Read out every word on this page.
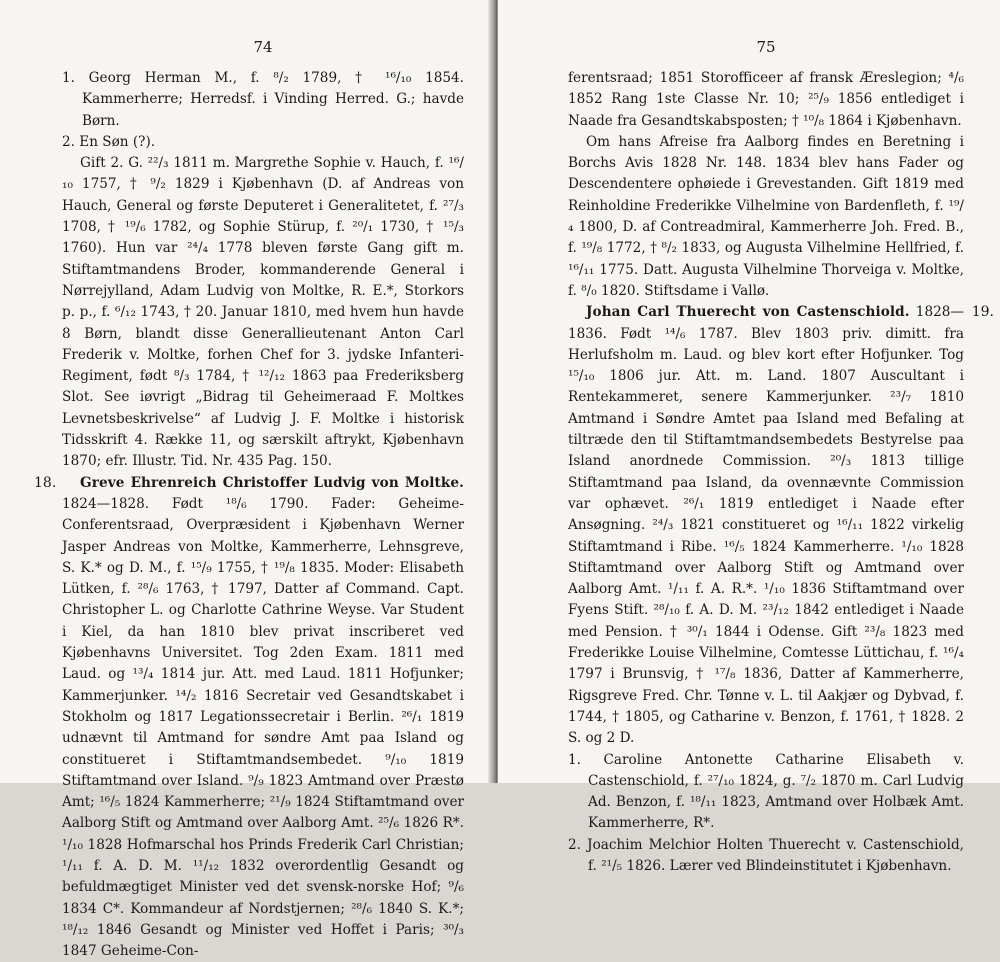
74

1. Georg Herman M., f. ⁸/₂ 1789, † ¹⁶/₁₀ 1854. Kammerherre; Herredsf. i Vinding Herred. G.; havde Børn.

2. En Søn (?).

Gift 2. G. ²²/₃ 1811 m. Margrethe Sophie v. Hauch, f. ¹⁶/₁₀ 1757, † ⁹/₂ 1829 i Kjøbenhavn (D. af Andreas von Hauch, General og første Deputeret i Generalitetet, f. ²⁷/₃ 1708, † ¹⁹/₆ 1782, og Sophie Stürup, f. ²⁰/₁ 1730, † ¹⁵/₃ 1760). Hun var ²⁴/₄ 1778 bleven første Gang gift m. Stiftamtmandens Broder, kommanderende General i Nørrejylland, Adam Ludvig von Moltke, R. E.*, Storkors p. p., f. ⁶/₁₂ 1743, † 20. Januar 1810, med hvem hun havde 8 Børn, blandt disse Generallieutenant Anton Carl Frederik v. Moltke, forhen Chef for 3. jydske Infanteri-Regiment, født ⁸/₃ 1784, † ¹²/₁₂ 1863 paa Frederiksberg Slot. See iøvrigt „Bidrag til Geheimeraad F. Moltkes Levnetsbeskrivelse“ af Ludvig J. F. Moltke i historisk Tidsskrift 4. Række 11, og særskilt aftrykt, Kjøbenhavn 1870; efr. Illustr. Tid. Nr. 435 Pag. 150.

18.	Greve Ehrenreich Christoffer Ludvig von Moltke. 1824—1828. Født ¹⁸/₆ 1790. Fader: Geheime-Conferentsraad, Overpræsident i Kjøbenhavn Werner Jasper Andreas von Moltke, Kammerherre, Lehnsgreve, S. K.* og D. M., f. ¹⁵/₉ 1755, † ¹⁹/₈ 1835. Moder: Elisabeth Lütken, f. ²⁸/₆ 1763, † 1797, Datter af Command. Capt. Christopher L. og Charlotte Cathrine Weyse. Var Student i Kiel, da han 1810 blev privat inscriberet ved Kjøbenhavns Universitet. Tog 2den Exam. 1811 med Laud. og ¹³/₄ 1814 jur. Att. med Laud. 1811 Hofjunker; Kammerjunker. ¹⁴/₂ 1816 Secretair ved Gesandtskabet i Stokholm og 1817 Legationssecretair i Berlin. ²⁶/₁ 1819 udnævnt til Amtmand for søndre Amt paa Island og constitueret i Stiftamtmandsembedet. ⁹/₁₀ 1819 Stiftamtmand over Island. ⁹/₉ 1823 Amtmand over Præstø Amt; ¹⁶/₅ 1824 Kammerherre; ²¹/₉ 1824 Stiftamtmand over Aalborg Stift og Amtmand over Aalborg Amt. ²⁵/₆ 1826 R*. ¹/₁₀ 1828 Hofmarschal hos Prinds Frederik Carl Christian; ¹/₁₁ f. A. D. M. ¹¹/₁₂ 1832 overordentlig Gesandt og befuldmægtiget Minister ved det svensk-norske Hof; ⁹/₆ 1834 C*. Kommandeur af Nordstjernen; ²⁸/₆ 1840 S. K.*; ¹⁸/₁₂ 1846 Gesandt og Minister ved Hoffet i Paris; ³⁰/₃ 1847 Geheime-Con-

75

ferentsraad; 1851 Storofficeer af fransk Æreslegion; ⁴/₆ 1852 Rang 1ste Classe Nr. 10; ²⁵/₉ 1856 entlediget i Naade fra Gesandtskabsposten; † ¹⁰/₈ 1864 i Kjøbenhavn.

Om hans Afreise fra Aalborg findes en Beretning i Borchs Avis 1828 Nr. 148. 1834 blev hans Fader og Descendentere ophøiede i Grevestanden. Gift 1819 med Reinholdine Frederikke Vilhelmine von Bardenfleth, f. ¹⁹/₄ 1800, D. af Contreadmiral, Kammerherre Joh. Fred. B., f. ¹⁹/₈ 1772, † ⁸/₂ 1833, og Augusta Vilhelmine Hellfried, f. ¹⁶/₁₁ 1775. Datt. Augusta Vilhelmine Thorveiga v. Moltke, f. ⁸/₀ 1820. Stiftsdame i Vallø.

19.

Johan Carl Thuerecht von Castenschiold. 1828—1836. Født ¹⁴/₆ 1787. Blev 1803 priv. dimitt. fra Herlufsholm m. Laud. og blev kort efter Hofjunker. Tog ¹⁵/₁₀ 1806 jur. Att. m. Land. 1807 Auscultant i Rentekammeret, senere Kammerjunker. ²³/₇ 1810 Amtmand i Søndre Amtet paa Island med Befaling at tiltræde den til Stiftamtmandsembedets Bestyrelse paa Island anordnede Commission. ²⁰/₃ 1813 tillige Stiftamtmand paa Island, da ovennævnte Commission var ophævet. ²⁶/₁ 1819 entlediget i Naade efter Ansøgning. ²⁴/₃ 1821 constitueret og ¹⁶/₁₁ 1822 virkelig Stiftamtmand i Ribe. ¹⁶/₅ 1824 Kammerherre. ¹/₁₀ 1828 Stiftamtmand over Aalborg Stift og Amtmand over Aalborg Amt. ¹/₁₁ f. A. R.*. ¹/₁₀ 1836 Stiftamtmand over Fyens Stift. ²⁸/₁₀ f. A. D. M. ²³/₁₂ 1842 entlediget i Naade med Pension. † ³⁰/₁ 1844 i Odense. Gift ²³/₈ 1823 med Frederikke Louise Vilhelmine, Comtesse Lüttichau, f. ¹⁶/₄ 1797 i Brunsvig, † ¹⁷/₈ 1836, Datter af Kammerherre, Rigsgreve Fred. Chr. Tønne v. L. til Aakjær og Dybvad, f. 1744, † 1805, og Catharine v. Benzon, f. 1761, † 1828. 2 S. og 2 D.

1. Caroline Antonette Catharine Elisabeth v. Castenschiold, f. ²⁷/₁₀ 1824, g. ⁷/₂ 1870 m. Carl Ludvig Ad. Benzon, f. ¹⁸/₁₁ 1823, Amtmand over Holbæk Amt. Kammerherre, R*.

2. Joachim Melchior Holten Thuerecht v. Castenschiold, f. ²¹/₅ 1826. Lærer ved Blindeinstitutet i Kjøbenhavn.
